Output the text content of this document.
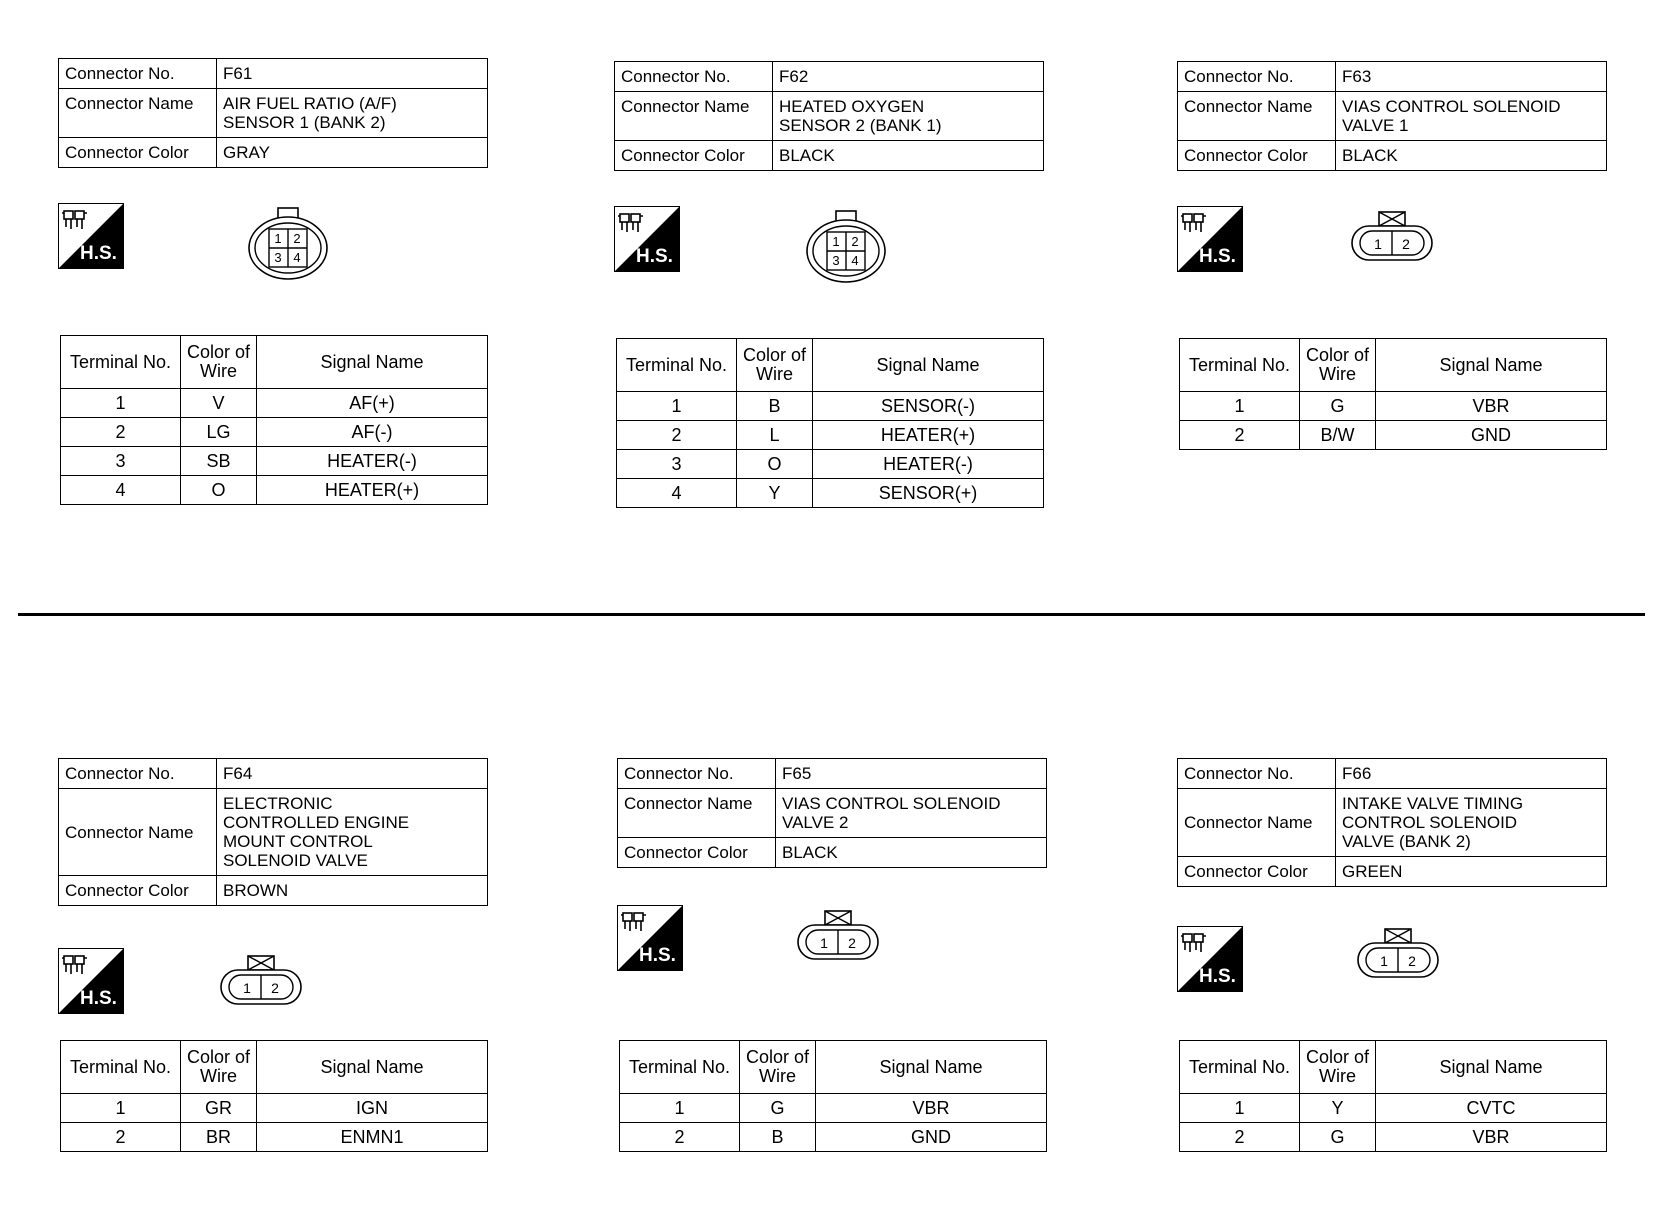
Connector No.	F61

Connector Name	AIR FUEL RATIO (A/F)
SENSOR 1 (BANK 2)

Connector Color	GRAY
H.S.
1 2
3 4
Terminal No.	Color of Wire	Signal Name
1	V	AF(+)
2	LG	AF(-)
3	SB	HEATER(-)
4	O	HEATER(+)
Connector No.	F62

Connector Name	HEATED OXYGEN
SENSOR 2 (BANK 1)

Connector Color	BLACK
H.S.
1 2
3 4
Terminal No.	Color of Wire	Signal Name
1	B	SENSOR(-)
2	L	HEATER(+)
3	O	HEATER(-)
4	Y	SENSOR(+)
Connector No.	F63

Connector Name	VIAS CONTROL SOLENOID
VALVE 1

Connector Color	BLACK
H.S.
1 2
Terminal No.	Color of Wire	Signal Name
1	G	VBR
2	B/W	GND
Connector No.	F64

Connector Name	ELECTRONIC
CONTROLLED ENGINE
MOUNT CONTROL
SOLENOID VALVE

Connector Color	BROWN
H.S.	1 2
Terminal No.	Color of Wire	Signal Name
1	GR	IGN
2	BR	ENMN1
Connector No.	F65

Connector Name	VIAS CONTROL SOLENOID
VALVE 2

Connector Color	BLACK
H.S.
1 2
Terminal No.	Color of Wire	Signal Name
1	G	VBR
2	B	GND
Connector No.	F66

Connector Name	INTAKE VALVE TIMING
CONTROL SOLENOID
VALVE (BANK 2)

Connector Color	GREEN
H.S.
1 2
Terminal No.	Color of Wire	Signal Name
1	Y	CVTC
2	G	VBR
